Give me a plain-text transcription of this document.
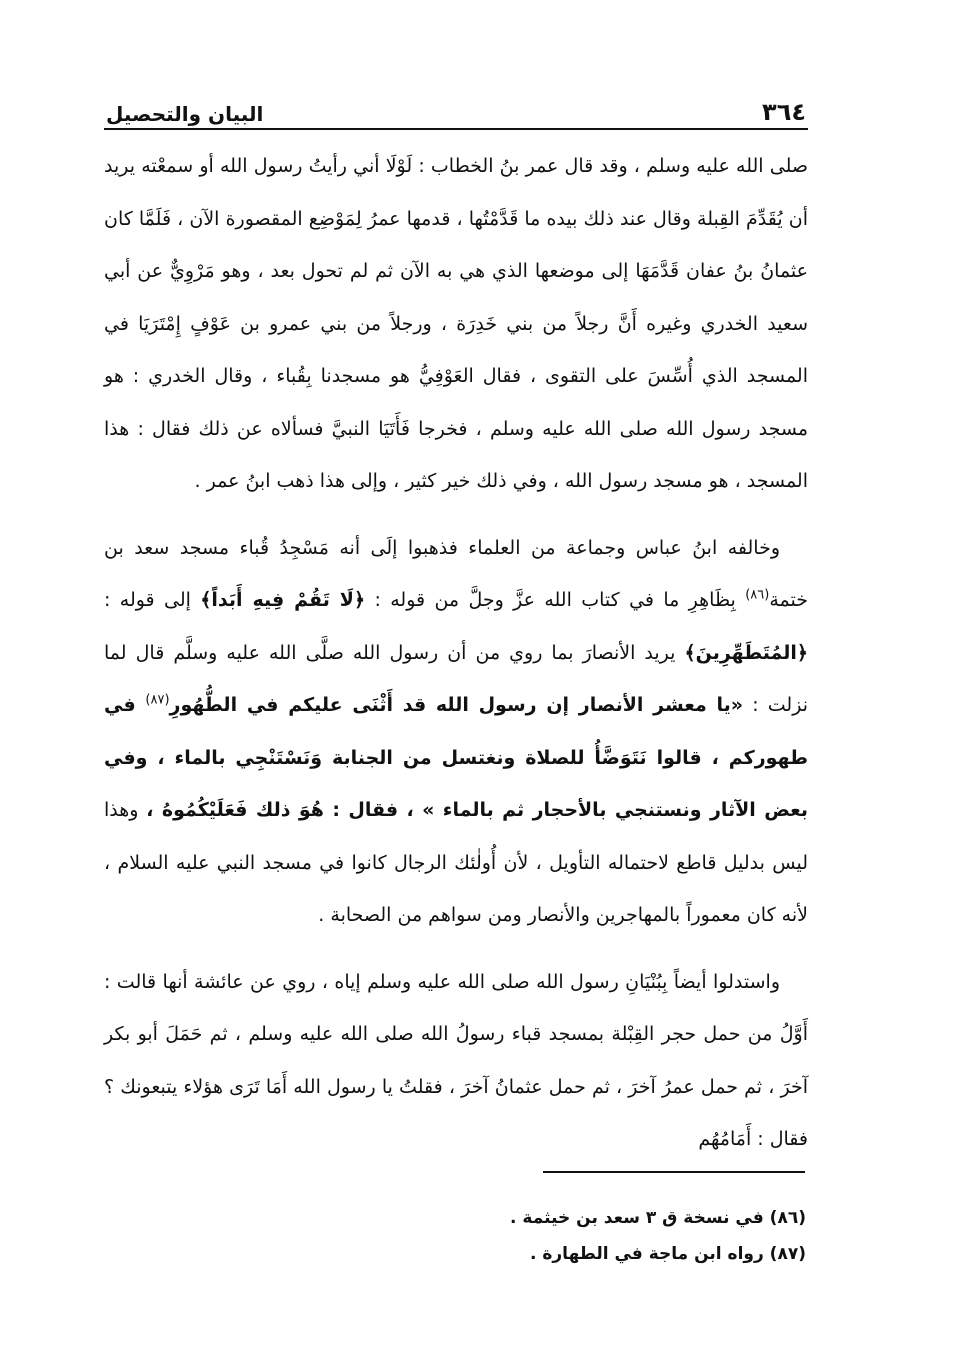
٣٦٤
البيان والتحصيل

صلى الله عليه وسلم ، وقد قال عمر بنُ الخطاب : لَوْلَا أني رأيتُ رسول الله أو سمعْته يريد أن يُقَدِّمَ القِبلة وقال عند ذلك بيده ما قَدَّمْتُها ، قدمها عمرُ لِمَوْضِع المقصورة الآن ، فَلَمَّا كان عثمانُ بنُ عفان قَدَّمَهَا إلى موضعها الذي هي به الآن ثم لم تحول بعد ، وهو مَرْوِيٌّ عن أبي سعيد الخدري وغيره أَنَّ رجلاً من بني خَدِرَة ، ورجلاً من بني عمرو بن عَوْفٍ إِمْتَرَيَا في المسجد الذي أُسِّسَ على التقوى ، فقال العَوْفِيُّ هو مسجدنا بِقُباء ، وقال الخدري : هو مسجد رسول الله صلى الله عليه وسلم ، فخرجا فَأَتَيَا النبيَّ فسألاه عن ذلك فقال : هذا المسجد ، هو مسجد رسول الله ، وفي ذلك خير كثير ، وإلى هذا ذهب ابنُ عمر .

وخالفه ابنُ عباس وجماعة من العلماء فذهبوا إلَى أنه مَسْجِدُ قُباء مسجد سعد بن ختمة$^{(٨٦)}$ بِظَاهِرِ ما في كتاب الله عزَّ وجلَّ من قوله : ﴿لَا تَقُمْ فِيهِ أَبَداً﴾ إلى قوله : ﴿المُتَطَهِّرِينَ﴾ يريد الأنصارَ بما روي من أن رسول الله صلَّى الله عليه وسلَّم قال لما نزلت : «يا معشر الأنصار إن رسول الله قد أَثْنَى عليكم في الطُّهُورِ$^{(٨٧)}$ في طهوركم ، قالوا نَتَوَضَّأُ للصلاة ونغتسل من الجنابة وَنَسْتَنْجِي بالماء ، وفي بعض الآثار ونستنجي بالأحجار ثم بالماء » ، فقال : هُوَ ذلك فَعَلَيْكُمُوهُ ، وهذا ليس بدليل قاطع لاحتماله التأويل ، لأن أُولٰئك الرجال كانوا في مسجد النبي عليه السلام ، لأنه كان معموراً بالمهاجرين والأنصار ومن سواهم من الصحابة .

واستدلوا أيضاً بِبُنْيَانِ رسول الله صلى الله عليه وسلم إياه ، روي عن عائشة أنها قالت : أَوَّلُ من حمل حجر القِبْلة بمسجد قباء رسولُ الله صلى الله عليه وسلم ، ثم حَمَلَ أبو بكر آخرَ ، ثم حمل عمرُ آخرَ ، ثم حمل عثمانُ آخرَ ، فقلتُ يا رسول الله أَمَا تَرَى هؤلاء يتبعونك ؟ فقال : أَمَامُهُم

(٨٦) في نسخة ق ٣ سعد بن خيثمة .

(٨٧) رواه ابن ماجة في الطهارة .
